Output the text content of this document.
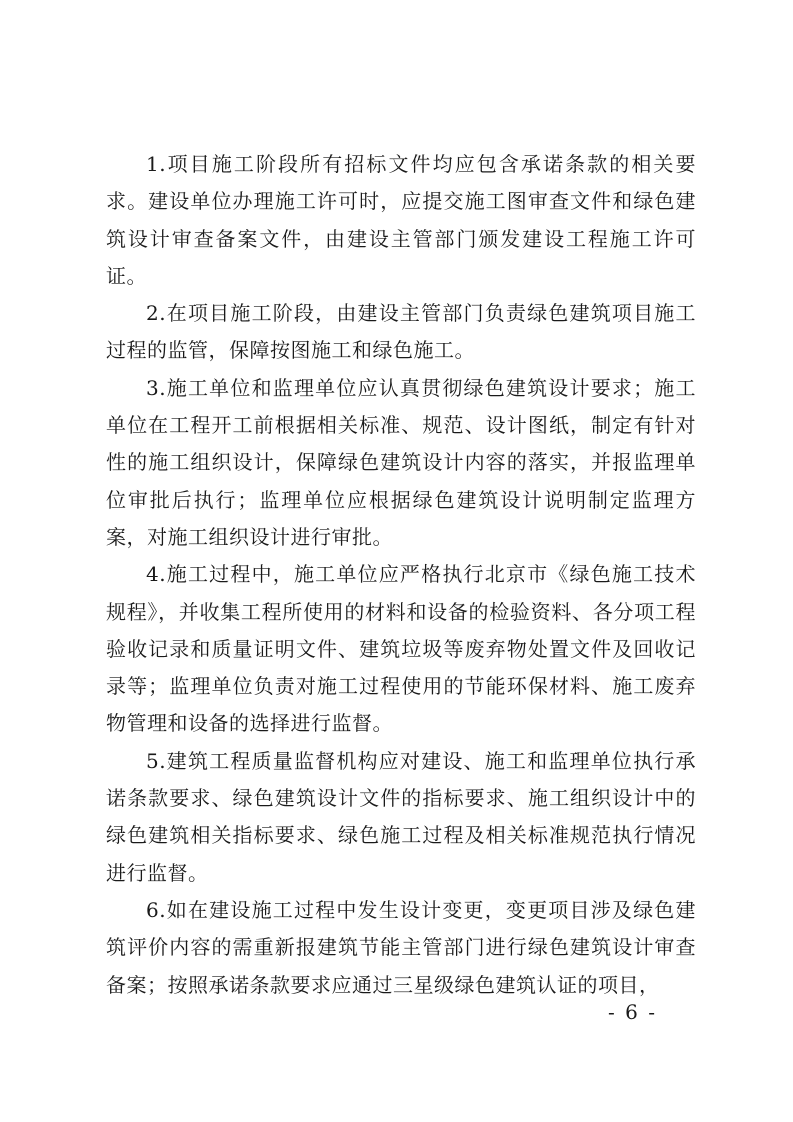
1.项目施工阶段所有招标文件均应包含承诺条款的相关要求。建设单位办理施工许可时，应提交施工图审查文件和绿色建筑设计审查备案文件，由建设主管部门颁发建设工程施工许可证。

2.在项目施工阶段，由建设主管部门负责绿色建筑项目施工过程的监管，保障按图施工和绿色施工。

3.施工单位和监理单位应认真贯彻绿色建筑设计要求；施工单位在工程开工前根据相关标准、规范、设计图纸，制定有针对性的施工组织设计，保障绿色建筑设计内容的落实，并报监理单位审批后执行；监理单位应根据绿色建筑设计说明制定监理方案，对施工组织设计进行审批。

4.施工过程中，施工单位应严格执行北京市《绿色施工技术规程》，并收集工程所使用的材料和设备的检验资料、各分项工程验收记录和质量证明文件、建筑垃圾等废弃物处置文件及回收记录等；监理单位负责对施工过程使用的节能环保材料、施工废弃物管理和设备的选择进行监督。

5.建筑工程质量监督机构应对建设、施工和监理单位执行承诺条款要求、绿色建筑设计文件的指标要求、施工组织设计中的绿色建筑相关指标要求、绿色施工过程及相关标准规范执行情况进行监督。

6.如在建设施工过程中发生设计变更，变更项目涉及绿色建筑评价内容的需重新报建筑节能主管部门进行绿色建筑设计审查备案；按照承诺条款要求应通过三星级绿色建筑认证的项目，

- 6 -
